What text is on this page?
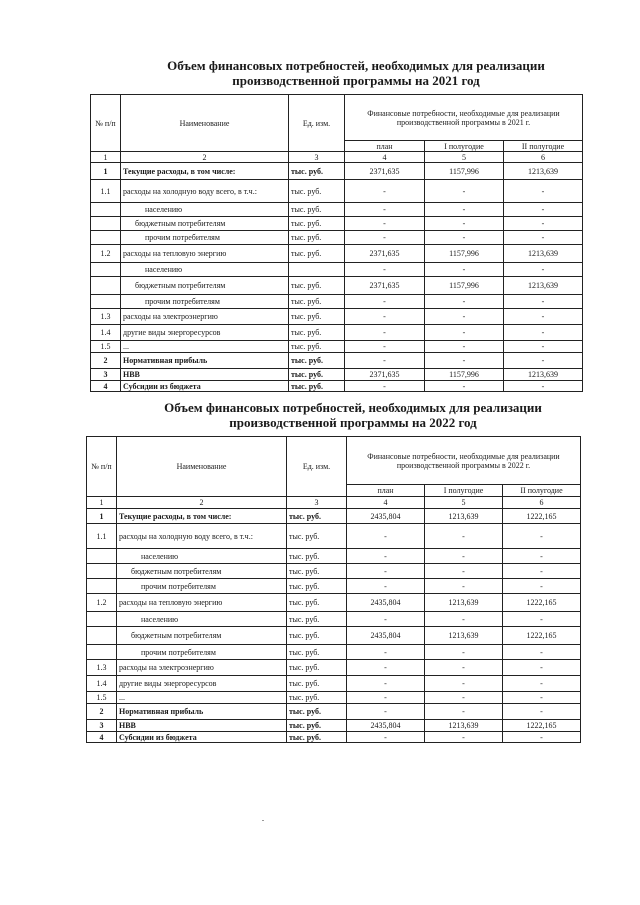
Объем финансовых потребностей, необходимых для реализации
производственной программы на 2021 год
№ п/п	Наименование	Ед. изм.	Финансовые потребности, необходимые для реализации производственной программы в 2021 г.		
			план	I полугодие	II полугодие
1	2	3	4	5	6
1	Текущие расходы, в том числе:	тыс. руб.	2371,635	1157,996	1213,639
1.1	расходы на холодную воду всего, в т.ч.:	тыс. руб.	-	-	-
	населению	тыс. руб.	-	-	-
	бюджетным потребителям	тыс. руб.	-	-	-
	прочим потребителям	тыс. руб.	-	-	-
1.2	расходы на тепловую энергию	тыс. руб.	2371,635	1157,996	1213,639
	населению		-	-	-
	бюджетным потребителям	тыс. руб.	2371,635	1157,996	1213,639
	прочим потребителям	тыс. руб.	-	-	-
1.3	расходы на электроэнергию	тыс. руб.	-	-	-
1.4	другие виды энергоресурсов	тыс. руб.	-	-	-
1.5	...	тыс. руб.	-	-	-
2	Нормативная прибыль	тыс. руб.	-	-	-
3	НВВ	тыс. руб.	2371,635	1157,996	1213,639
4	Субсидии из бюджета	тыс. руб.	-	-	-
Объем финансовых потребностей, необходимых для реализации
производственной программы на 2022 год
№ п/п	Наименование	Ед. изм.	Финансовые потребности, необходимые для реализации производственной программы в 2022 г.		
			план	I полугодие	II полугодие
1	2	3	4	5	6
1	Текущие расходы, в том числе:	тыс. руб.	2435,804	1213,639	1222,165
1.1	расходы на холодную воду всего, в т.ч.:	тыс. руб.	-	-	-
	населению	тыс. руб.	-	-	-
	бюджетным потребителям	тыс. руб.	-	-	-
	прочим потребителям	тыс. руб.	-	-	-
1.2	расходы на тепловую энергию	тыс. руб.	2435,804	1213,639	1222,165
	населению	тыс. руб.	-	-	-
	бюджетным потребителям	тыс. руб.	2435,804	1213,639	1222,165
	прочим потребителям	тыс. руб.	-	-	-
1.3	расходы на электроэнергию	тыс. руб.	-	-	-
1.4	другие виды энергоресурсов	тыс. руб.	-	-	-
1.5	...	тыс. руб.	-	-	-
2	Нормативная прибыль	тыс. руб.	-	-	-
3	НВВ	тыс. руб.	2435,804	1213,639	1222,165
4	Субсидии из бюджета	тыс. руб.	-	-	-
